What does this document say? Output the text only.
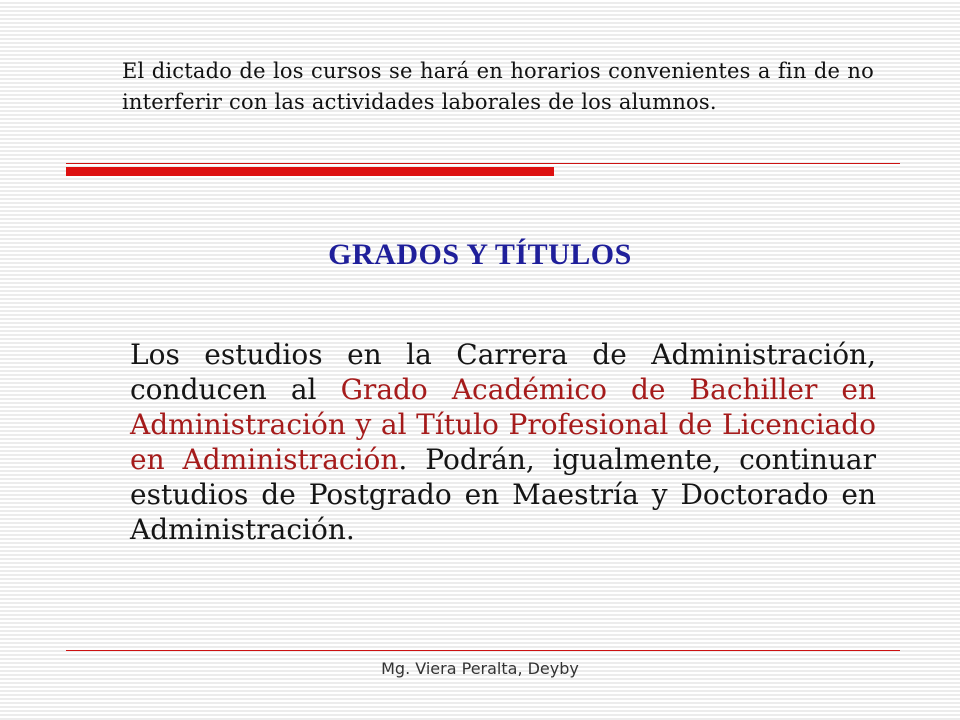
El dictado de los cursos se hará en horarios convenientes a fin de no interferir con las actividades laborales de los alumnos.

GRADOS Y TÍTULOS

Los estudios en la Carrera de Administración, conducen al Grado Académico de Bachiller en Administración y al Título Profesional de Licenciado en Administración. Podrán, igualmente, continuar estudios de Postgrado en Maestría y Doctorado en Administración.

Mg. Viera Peralta, Deyby
